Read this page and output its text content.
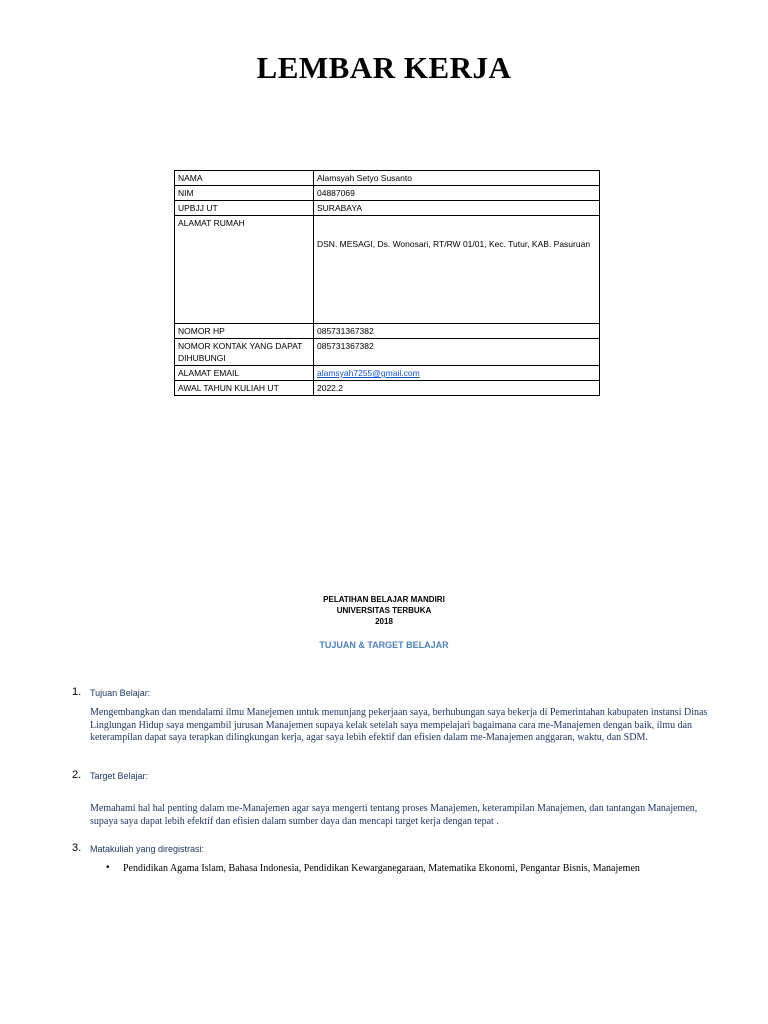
LEMBAR KERJA
NAMA	Alamsyah Setyo Susanto
NIM	04887069
UPBJJ UT	SURABAYA
ALAMAT RUMAH	DSN. MESAGI, Ds. Wonosari, RT/RW 01/01, Kec. Tutur, KAB. Pasuruan
NOMOR HP	085731367382
NOMOR KONTAK YANG DAPAT DIHUBUNGI	085731367382
ALAMAT EMAIL	alamsyah7255@gmail.com
AWAL TAHUN KULIAH UT	2022.2
PELATIHAN BELAJAR MANDIRI
UNIVERSITAS TERBUKA
2018
TUJUAN & TARGET BELAJAR
1. Tujuan Belajar:
Mengembangkan dan mendalami ilmu Manejemen untuk menunjang pekerjaan saya, berhubungan saya bekerja di Pemerintahan kabupaten instansi Dinas Linglungan Hidup saya mengambil jurusan Manajemen supaya kelak setelah saya mempelajari bagaimana cara me-Manajemen dengan baik, ilmu dan keterampilan dapat saya terapkan dilingkungan kerja, agar saya lebih efektif dan efisien dalam me-Manajemen anggaran, waktu, dan SDM.
2. Target Belajar:
Memahami hal hal penting dalam me-Manajemen agar saya mengerti tentang proses Manajemen, keterampilan Manajemen, dan tantangan Manajemen, supaya saya dapat lebih efektif dan efisien dalam sumber daya dan mencapi target kerja dengan tepat .
3. Matakuliah yang diregistrasi:
• Pendidikan Agama Islam, Bahasa Indonesia, Pendidikan Kewarganegaraan, Matematika Ekonomi, Pengantar Bisnis, Manajemen
